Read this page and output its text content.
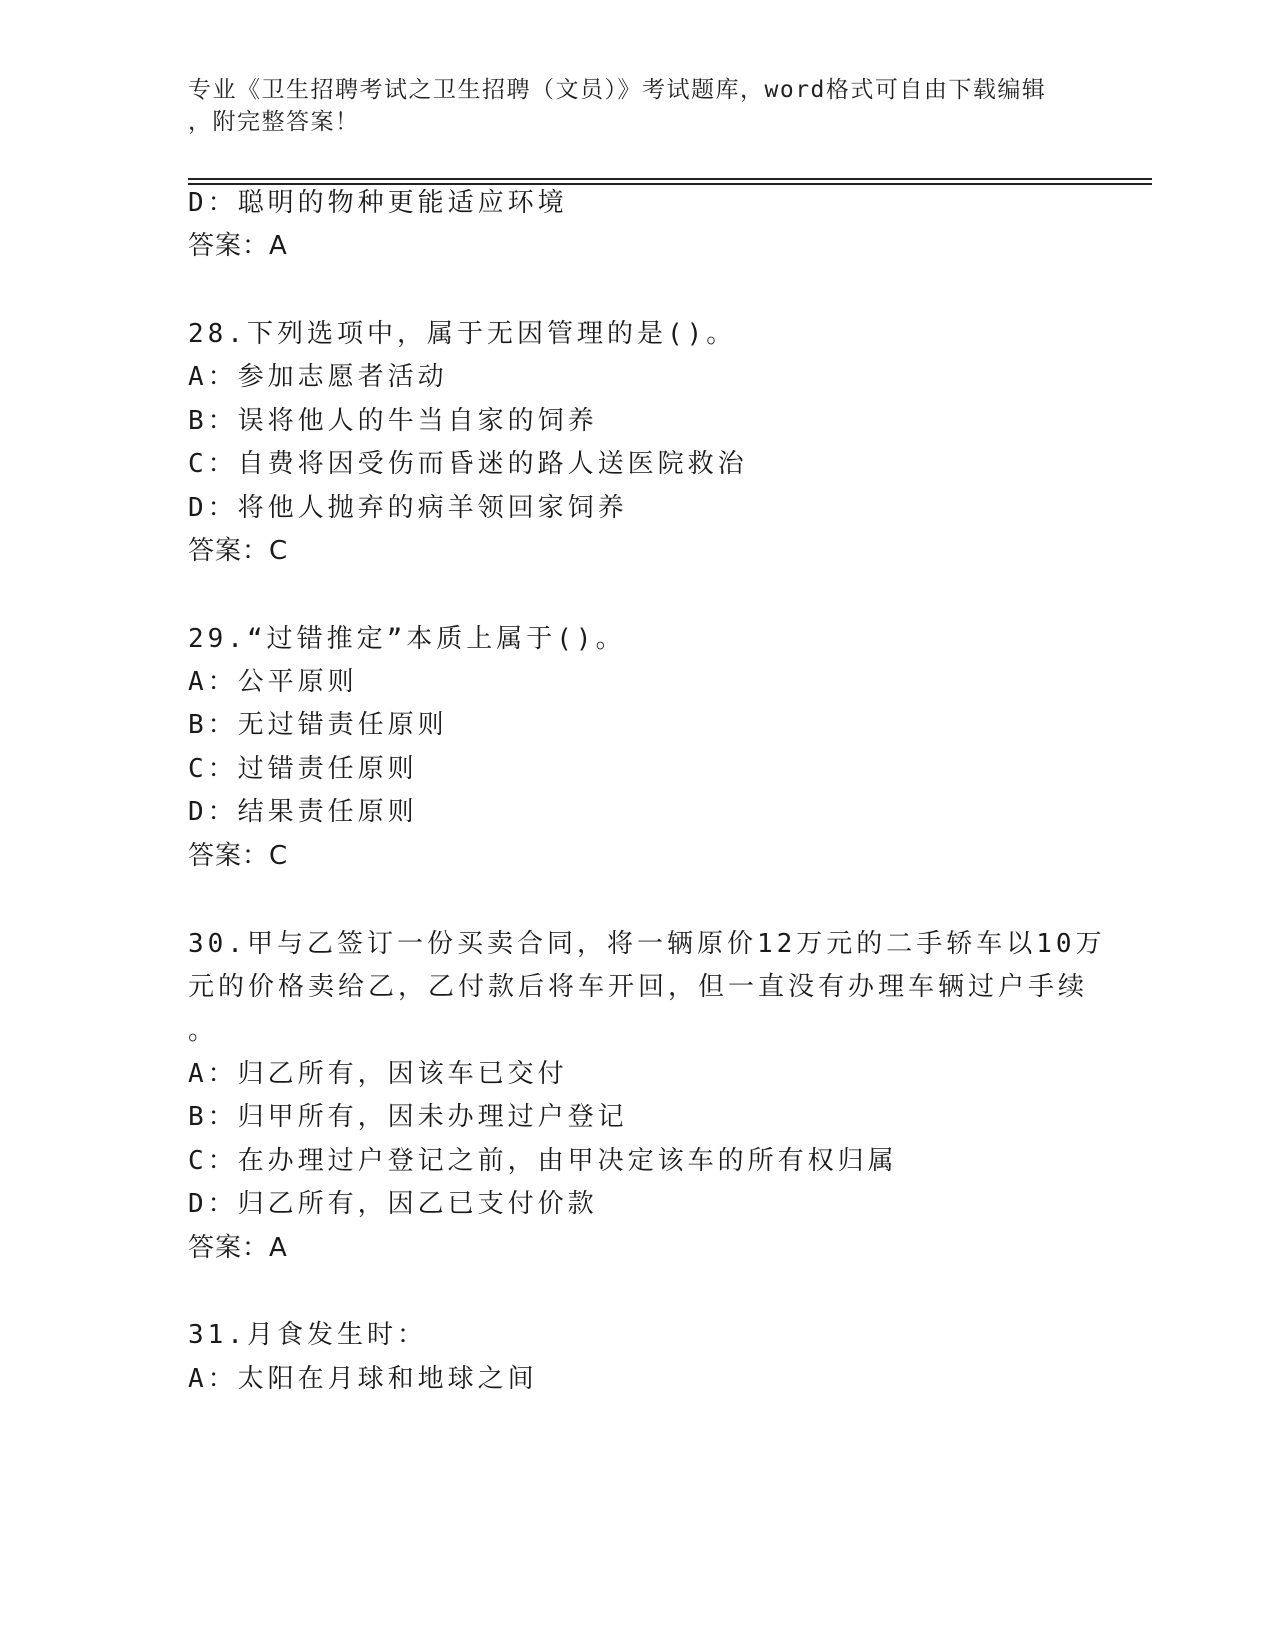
专业《卫生招聘考试之卫生招聘（文员）》考试题库，word格式可自由下载编辑
，附完整答案！
D：聪明的物种更能适应环境
答案：A
28.下列选项中，属于无因管理的是()。
A：参加志愿者活动
B：误将他人的牛当自家的饲养
C：自费将因受伤而昏迷的路人送医院救治
D：将他人抛弃的病羊领回家饲养
答案：C
29.“过错推定”本质上属于()。
A：公平原则
B：无过错责任原则
C：过错责任原则
D：结果责任原则
答案：C
30.甲与乙签订一份买卖合同，将一辆原价12万元的二手轿车以10万
元的价格卖给乙，乙付款后将车开回，但一直没有办理车辆过户手续
。
A：归乙所有，因该车已交付
B：归甲所有，因未办理过户登记
C：在办理过户登记之前，由甲决定该车的所有权归属
D：归乙所有，因乙已支付价款
答案：A
31.月食发生时：
A：太阳在月球和地球之间
